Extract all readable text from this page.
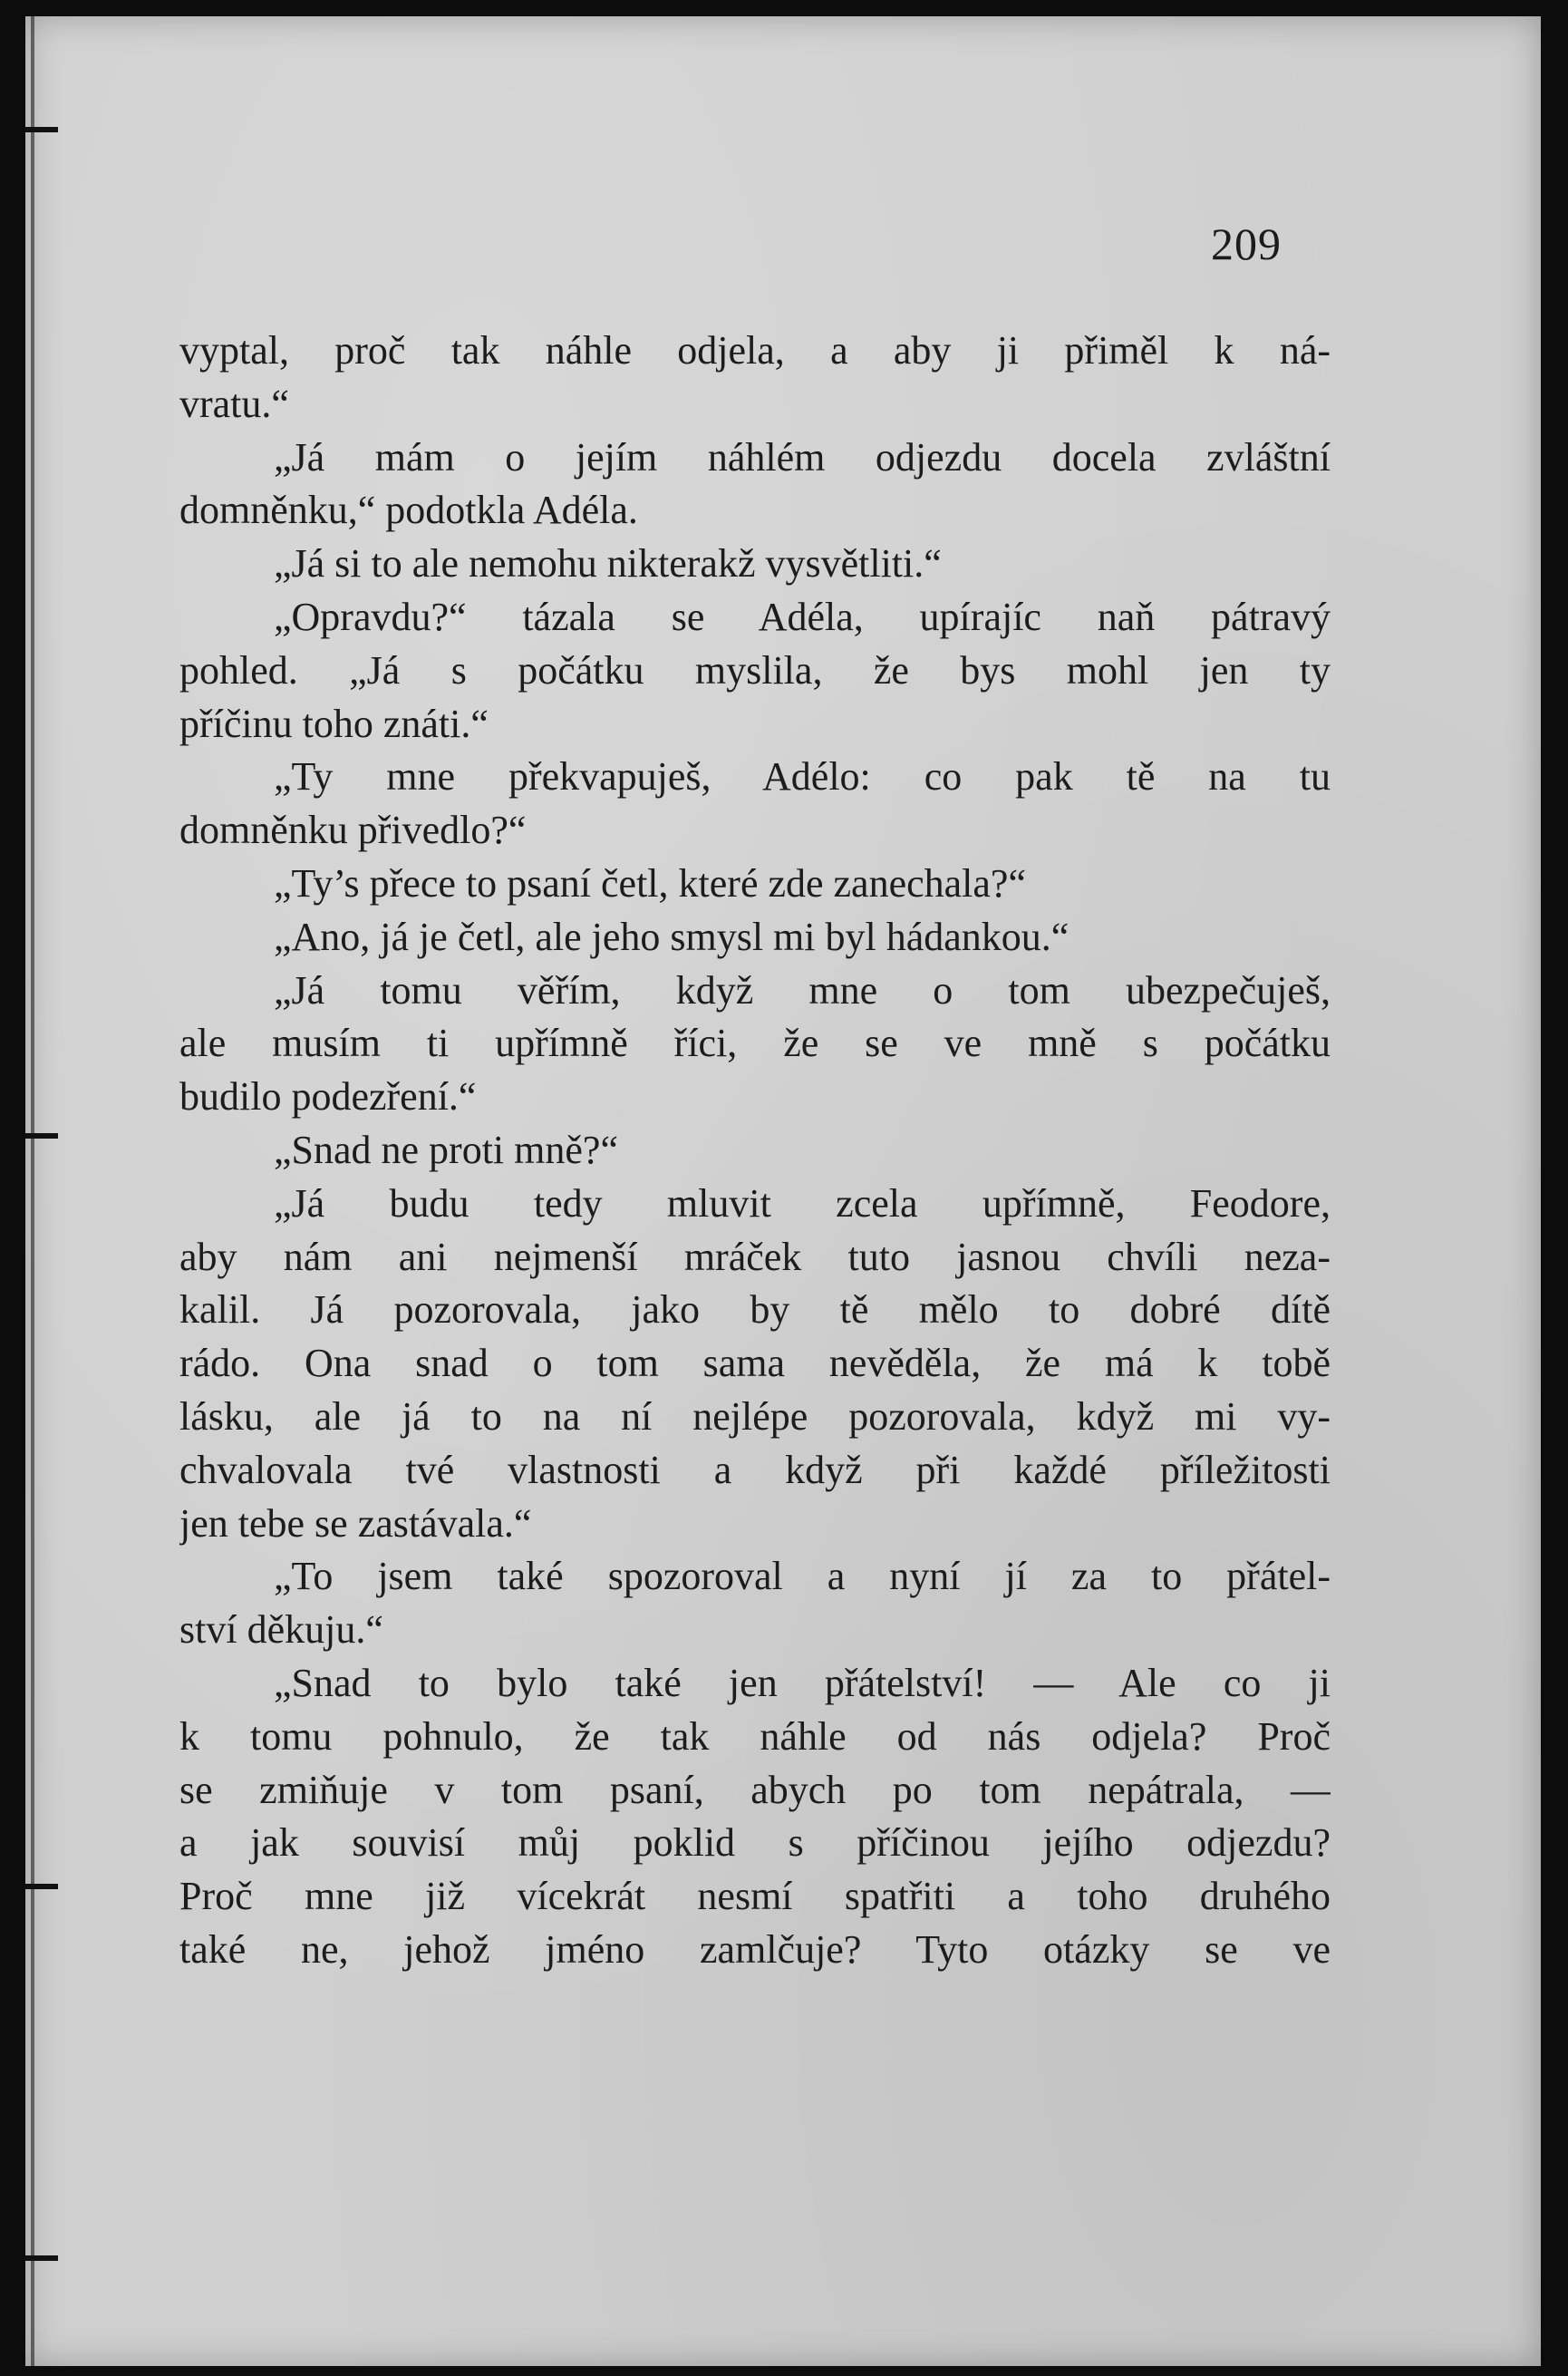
209
vyptal, proč tak náhle odjela, a aby ji přiměl k ná-
vratu.“
„Já mám o jejím náhlém odjezdu docela zvláštní
domněnku,“ podotkla Adéla.
„Já si to ale nemohu nikterakž vysvětliti.“
„Opravdu?“ tázala se Adéla, upírajíc naň pátravý
pohled. „Já s počátku myslila, že bys mohl jen ty
příčinu toho znáti.“
„Ty mne překvapuješ, Adélo: co pak tě na tu
domněnku přivedlo?“
„Ty’s přece to psaní četl, které zde zanechala?“
„Ano, já je četl, ale jeho smysl mi byl hádankou.“
„Já tomu věřím, když mne o tom ubezpečuješ,
ale musím ti upřímně říci, že se ve mně s počátku
budilo podezření.“
„Snad ne proti mně?“
„Já budu tedy mluvit zcela upřímně, Feodore,
aby nám ani nejmenší mráček tuto jasnou chvíli neza-
kalil. Já pozorovala, jako by tě mělo to dobré dítě
rádo. Ona snad o tom sama nevěděla, že má k tobě
lásku, ale já to na ní nejlépe pozorovala, když mi vy-
chvalovala tvé vlastnosti a když při každé příležitosti
jen tebe se zastávala.“
„To jsem také spozoroval a nyní jí za to přátel-
ství děkuju.“
„Snad to bylo také jen přátelství! — Ale co ji
k tomu pohnulo, že tak náhle od nás odjela? Proč
se zmiňuje v tom psaní, abych po tom nepátrala, —
a jak souvisí můj poklid s příčinou jejího odjezdu?
Proč mne již vícekrát nesmí spatřiti a toho druhého
také ne, jehož jméno zamlčuje? Tyto otázky se ve
